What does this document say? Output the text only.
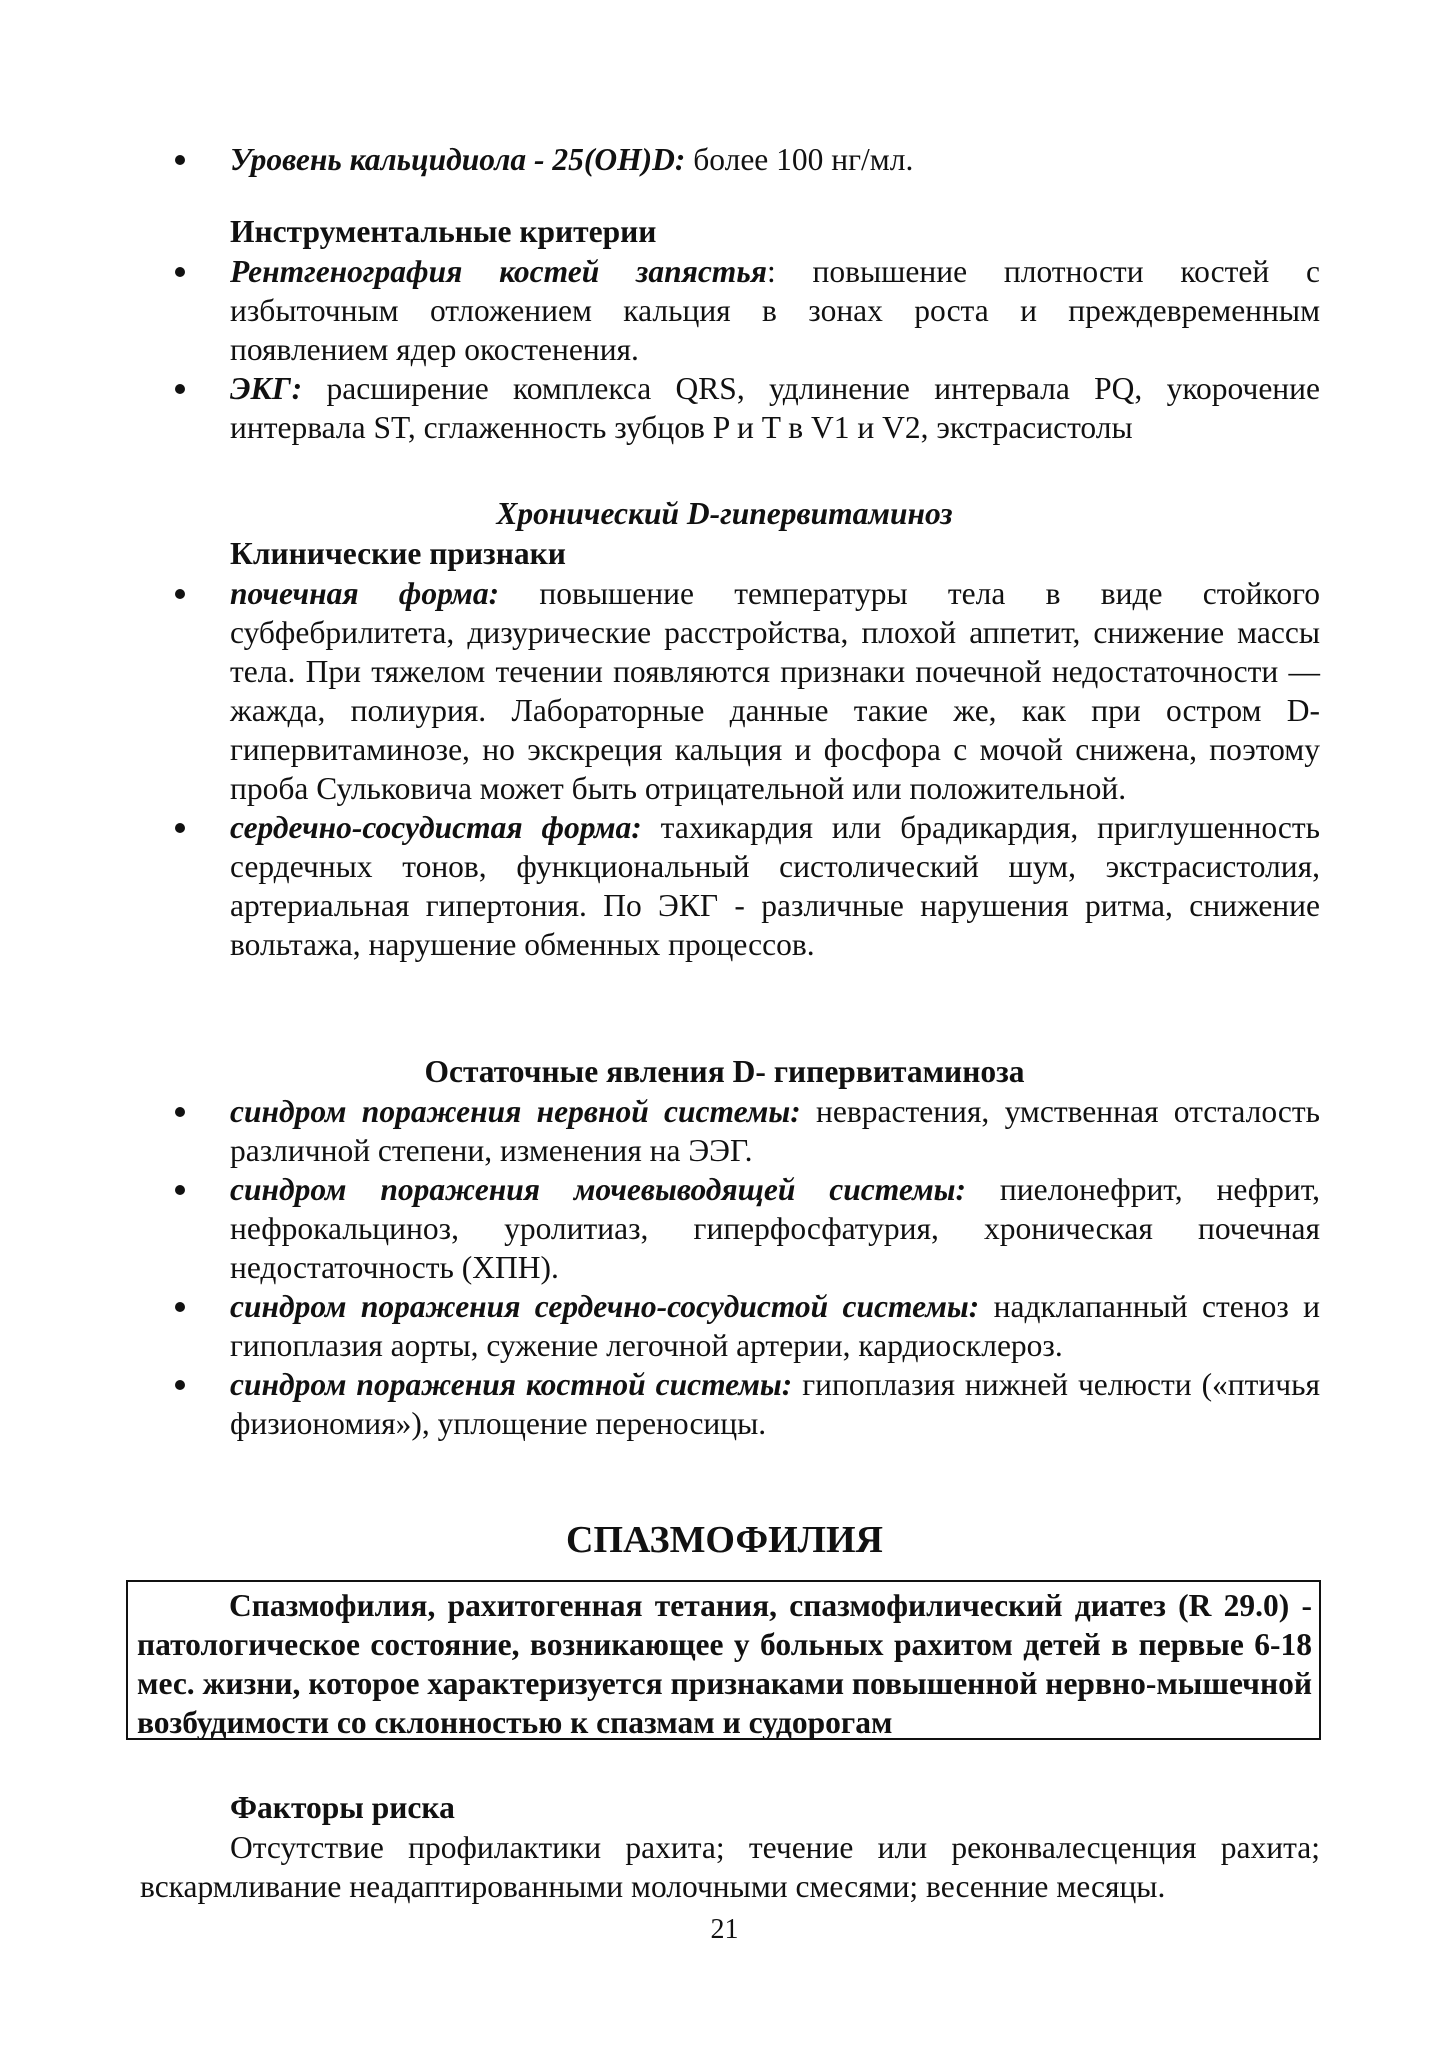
Уровень кальцидиола - 25(OH)D: более 100 нг/мл.
Инструментальные критерии
Рентгенография костей запястья: повышение плотности костей с избыточным отложением кальция в зонах роста и преждевременным появлением ядер окостенения.
ЭКГ: расширение комплекса QRS, удлинение интервала PQ, укорочение интервала ST, сглаженность зубцов P и T в V1 и V2, экстрасистолы
Хронический D-гипервитаминоз
Клинические признаки
почечная форма: повышение температуры тела в виде стойкого субфебрилитета, дизурические расстройства, плохой аппетит, снижение массы тела. При тяжелом течении появляются признаки почечной недостаточности — жажда, полиурия. Лабораторные данные такие же, как при остром D-гипервитаминозе, но экскреция кальция и фосфора с мочой снижена, поэтому проба Сульковича может быть отрицательной или положительной.
сердечно-сосудистая форма: тахикардия или брадикардия, приглушенность сердечных тонов, функциональный систолический шум, экстрасистолия, артериальная гипертония. По ЭКГ - различные нарушения ритма, снижение вольтажа, нарушение обменных процессов.
Остаточные явления D- гипервитаминоза
синдром поражения нервной системы: неврастения, умственная отсталость различной степени, изменения на ЭЭГ.
синдром поражения мочевыводящей системы: пиелонефрит, нефрит, нефрокальциноз, уролитиаз, гиперфосфатурия, хроническая почечная недостаточность (ХПН).
синдром поражения сердечно-сосудистой системы: надклапанный стеноз и гипоплазия аорты, сужение легочной артерии, кардиосклероз.
синдром поражения костной системы: гипоплазия нижней челюсти («птичья физиономия»), уплощение переносицы.
СПАЗМОФИЛИЯ
Спазмофилия, рахитогенная тетания, спазмофилический диатез (R 29.0) - патологическое состояние, возникающее у больных рахитом детей в первые 6-18 мес. жизни, которое характеризуется признаками повышенной нервно-мышечной возбудимости со склонностью к спазмам и судорогам
Факторы риска
Отсутствие профилактики рахита; течение или реконвалесценция рахита; вскармливание неадаптированными молочными смесями; весенние месяцы.
21
